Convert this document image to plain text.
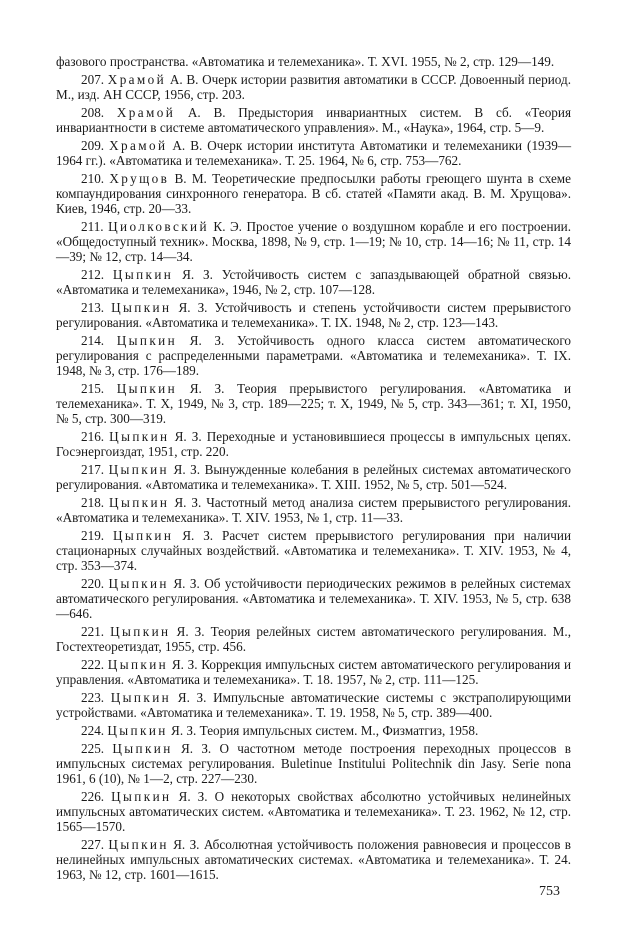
фазового пространства. «Автоматика и телемеханика». Т. XVI. 1955, № 2, стр. 129—149.

207. Храмой А. В. Очерк истории развития автоматики в СССР. Довоенный период. М., изд. АН СССР, 1956, стр. 203.

208. Храмой А. В. Предыстория инвариантных систем. В сб. «Теория инвариантности в системе автоматического управления». М., «Наука», 1964, стр. 5—9.

209. Храмой А. В. Очерк истории института Автоматики и телемеханики (1939—1964 гг.). «Автоматика и телемеханика». Т. 25. 1964, № 6, стр. 753—762.

210. Хрущов В. М. Теоретические предпосылки работы греющего шунта в схеме компаундирования синхронного генератора. В сб. статей «Памяти акад. В. М. Хрущова». Киев, 1946, стр. 20—33.

211. Циолковский К. Э. Простое учение о воздушном корабле и его построении. «Общедоступный техник». Москва, 1898, № 9, стр. 1—19; № 10, стр. 14—16; № 11, стр. 14—39; № 12, стр. 14—34.

212. Цыпкин Я. З. Устойчивость систем с запаздывающей обратной связью. «Автоматика и телемеханика», 1946, № 2, стр. 107—128.

213. Цыпкин Я. З. Устойчивость и степень устойчивости систем прерывистого регулирования. «Автоматика и телемеханика». Т. IX. 1948, № 2, стр. 123—143.

214. Цыпкин Я. З. Устойчивость одного класса систем автоматического регулирования с распределенными параметрами. «Автоматика и телемеханика». Т. IX. 1948, № 3, стр. 176—189.

215. Цыпкин Я. З. Теория прерывистого регулирования. «Автоматика и телемеханика». Т. X, 1949, № 3, стр. 189—225; т. X, 1949, № 5, стр. 343—361; т. XI, 1950, № 5, стр. 300—319.

216. Цыпкин Я. З. Переходные и установившиеся процессы в импульсных цепях. Госэнергоиздат, 1951, стр. 220.

217. Цыпкин Я. З. Вынужденные колебания в релейных системах автоматического регулирования. «Автоматика и телемеханика». Т. XIII. 1952, № 5, стр. 501—524.

218. Цыпкин Я. З. Частотный метод анализа систем прерывистого регулирования. «Автоматика и телемеханика». Т. XIV. 1953, № 1, стр. 11—33.

219. Цыпкин Я. З. Расчет систем прерывистого регулирования при наличии стационарных случайных воздействий. «Автоматика и телемеханика». Т. XIV. 1953, № 4, стр. 353—374.

220. Цыпкин Я. З. Об устойчивости периодических режимов в релейных системах автоматического регулирования. «Автоматика и телемеханика». Т. XIV. 1953, № 5, стр. 638—646.

221. Цыпкин Я. З. Теория релейных систем автоматического регулирования. М., Гостехтеоретиздат, 1955, стр. 456.

222. Цыпкин Я. З. Коррекция импульсных систем автоматического регулирования и управления. «Автоматика и телемеханика». Т. 18. 1957, № 2, стр. 111—125.

223. Цыпкин Я. З. Импульсные автоматические системы с экстраполирующими устройствами. «Автоматика и телемеханика». Т. 19. 1958, № 5, стр. 389—400.

224. Цыпкин Я. З. Теория импульсных систем. М., Физматгиз, 1958.

225. Цыпкин Я. З. О частотном методе построения переходных процессов в импульсных системах регулирования. Buletinue Institului Politechnik din Jasy. Serie nona 1961, 6 (10), № 1—2, стр. 227—230.

226. Цыпкин Я. З. О некоторых свойствах абсолютно устойчивых нелинейных импульсных автоматических систем. «Автоматика и телемеханика». Т. 23. 1962, № 12, стр. 1565—1570.

227. Цыпкин Я. З. Абсолютная устойчивость положения равновесия и процессов в нелинейных импульсных автоматических системах. «Автоматика и телемеханика». Т. 24. 1963, № 12, стр. 1601—1615.

753
